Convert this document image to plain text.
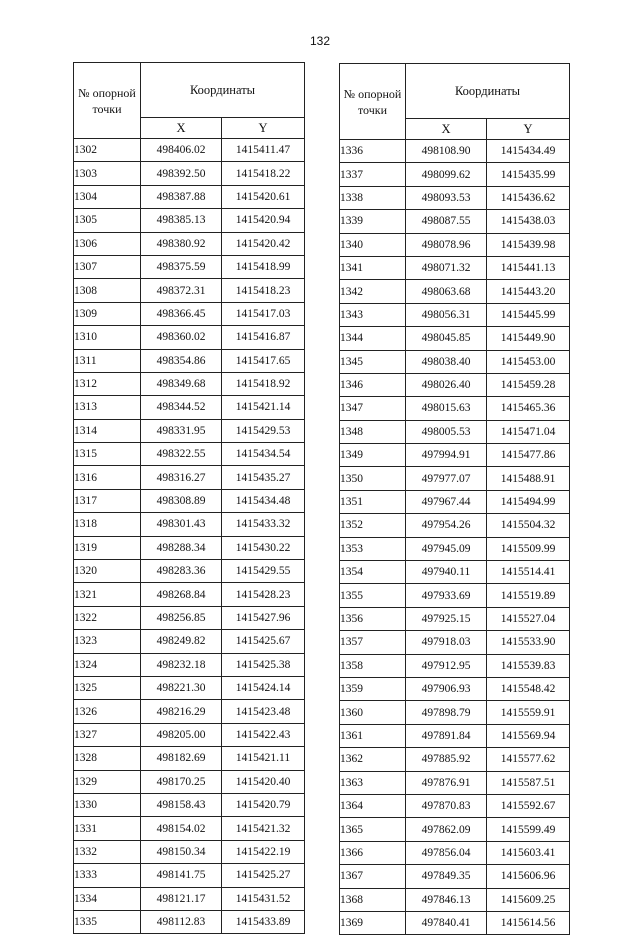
132
№ опорной точки	Координаты	
	X	Y
1302	498406.02	1415411.47
1303	498392.50	1415418.22
1304	498387.88	1415420.61
1305	498385.13	1415420.94
1306	498380.92	1415420.42
1307	498375.59	1415418.99
1308	498372.31	1415418.23
1309	498366.45	1415417.03
1310	498360.02	1415416.87
1311	498354.86	1415417.65
1312	498349.68	1415418.92
1313	498344.52	1415421.14
1314	498331.95	1415429.53
1315	498322.55	1415434.54
1316	498316.27	1415435.27
1317	498308.89	1415434.48
1318	498301.43	1415433.32
1319	498288.34	1415430.22
1320	498283.36	1415429.55
1321	498268.84	1415428.23
1322	498256.85	1415427.96
1323	498249.82	1415425.67
1324	498232.18	1415425.38
1325	498221.30	1415424.14
1326	498216.29	1415423.48
1327	498205.00	1415422.43
1328	498182.69	1415421.11
1329	498170.25	1415420.40
1330	498158.43	1415420.79
1331	498154.02	1415421.32
1332	498150.34	1415422.19
1333	498141.75	1415425.27
1334	498121.17	1415431.52
1335	498112.83	1415433.89
№ опорной точки	Координаты	
	X	Y
1336	498108.90	1415434.49
1337	498099.62	1415435.99
1338	498093.53	1415436.62
1339	498087.55	1415438.03
1340	498078.96	1415439.98
1341	498071.32	1415441.13
1342	498063.68	1415443.20
1343	498056.31	1415445.99
1344	498045.85	1415449.90
1345	498038.40	1415453.00
1346	498026.40	1415459.28
1347	498015.63	1415465.36
1348	498005.53	1415471.04
1349	497994.91	1415477.86
1350	497977.07	1415488.91
1351	497967.44	1415494.99
1352	497954.26	1415504.32
1353	497945.09	1415509.99
1354	497940.11	1415514.41
1355	497933.69	1415519.89
1356	497925.15	1415527.04
1357	497918.03	1415533.90
1358	497912.95	1415539.83
1359	497906.93	1415548.42
1360	497898.79	1415559.91
1361	497891.84	1415569.94
1362	497885.92	1415577.62
1363	497876.91	1415587.51
1364	497870.83	1415592.67
1365	497862.09	1415599.49
1366	497856.04	1415603.41
1367	497849.35	1415606.96
1368	497846.13	1415609.25
1369	497840.41	1415614.56
